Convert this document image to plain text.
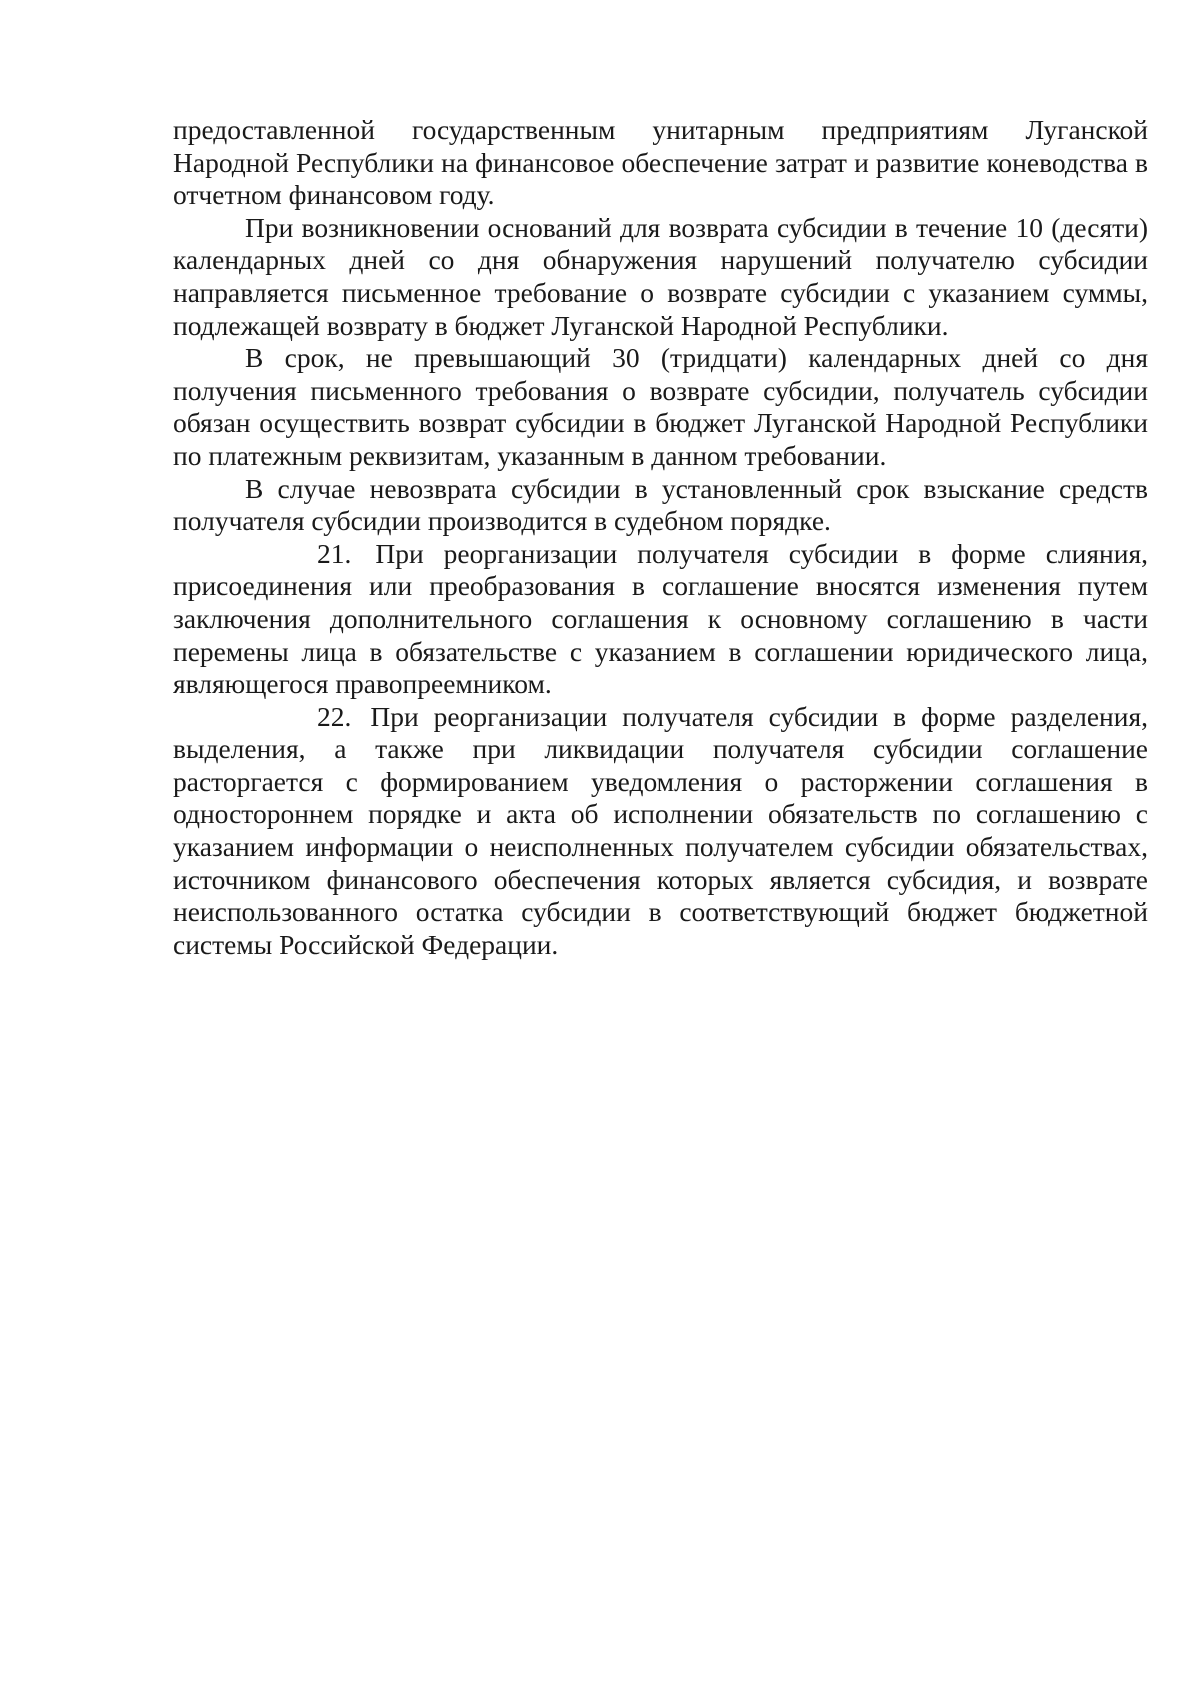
предоставленной государственным унитарным предприятиям Луганской Народной Республики на финансовое обеспечение затрат и развитие коневодства в отчетном финансовом году.

При возникновении оснований для возврата субсидии в течение 10 (десяти) календарных дней со дня обнаружения нарушений получателю субсидии направляется письменное требование о возврате субсидии с указанием суммы, подлежащей возврату в бюджет Луганской Народной Республики.

В срок, не превышающий 30 (тридцати) календарных дней со дня получения письменного требования о возврате субсидии, получатель субсидии обязан осуществить возврат субсидии в бюджет Луганской Народной Республики по платежным реквизитам, указанным в данном требовании.

В случае невозврата субсидии в установленный срок взыскание средств получателя субсидии производится в судебном порядке.

21. При реорганизации получателя субсидии в форме слияния, присоединения или преобразования в соглашение вносятся изменения путем заключения дополнительного соглашения к основному соглашению в части перемены лица в обязательстве с указанием в соглашении юридического лица, являющегося правопреемником.

22. При реорганизации получателя субсидии в форме разделения, выделения, а также при ликвидации получателя субсидии соглашение расторгается с формированием уведомления о расторжении соглашения в одностороннем порядке и акта об исполнении обязательств по соглашению с указанием информации о неисполненных получателем субсидии обязательствах, источником финансового обеспечения которых является субсидия, и возврате неиспользованного остатка субсидии в соответствующий бюджет бюджетной системы Российской Федерации.
